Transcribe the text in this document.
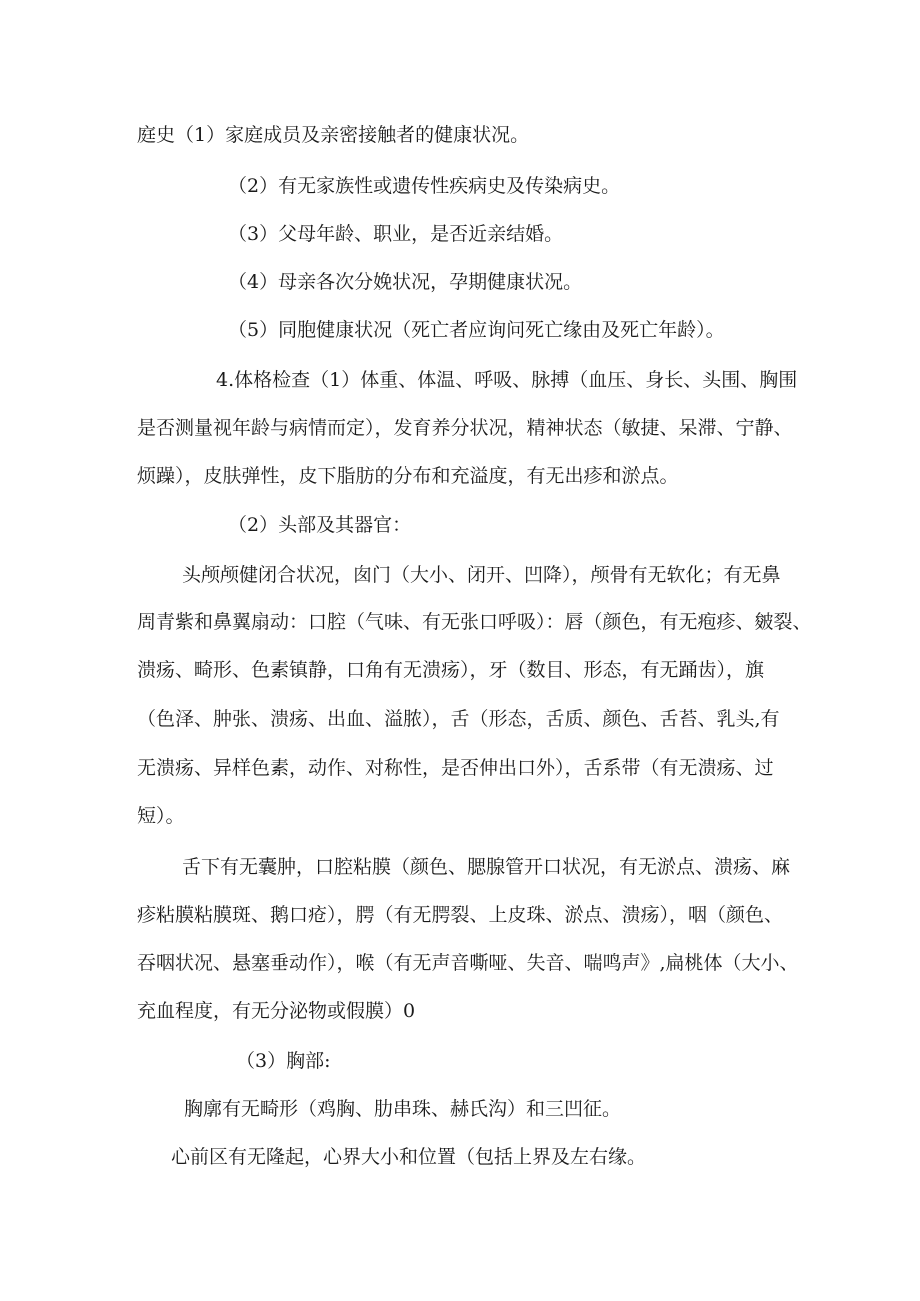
庭史（1）家庭成员及亲密接触者的健康状况。
（2）有无家族性或遗传性疾病史及传染病史。
（3）父母年龄、职业，是否近亲结婚。
（4）母亲各次分娩状况，孕期健康状况。
（5）同胞健康状况（死亡者应询问死亡缘由及死亡年龄）。
4.体格检查（1）体重、体温、呼吸、脉搏（血压、身长、头围、胸围
是否测量视年龄与病情而定），发育养分状况，精神状态（敏捷、呆滞、宁静、
烦躁），皮肤弹性，皮下脂肪的分布和充溢度，有无出疹和淤点。
（2）头部及其器官：
头颅颅健闭合状况，囱门（大小、闭开、凹降），颅骨有无软化；有无鼻
周青紫和鼻翼扇动：口腔（气味、有无张口呼吸）：唇（颜色，有无疱疹、皴裂、
溃疡、畸形、色素镇静，口角有无溃疡），牙（数目、形态，有无踊齿），旗
（色泽、肿张、溃疡、出血、溢脓），舌（形态，舌质、颜色、舌苔、乳头,有
无溃疡、异样色素，动作、对称性，是否伸出口外），舌系带（有无溃疡、过
短）。
舌下有无囊肿，口腔粘膜（颜色、腮腺管开口状况，有无淤点、溃疡、麻
疹粘膜粘膜斑、鹅口疮），腭（有无腭裂、上皮珠、淤点、溃疡），咽（颜色、
吞咽状况、悬塞垂动作），喉（有无声音嘶哑、失音、喘鸣声》,扁桃体（大小、
充血程度，有无分泌物或假膜）0
（3）胸部:
胸廓有无畸形（鸡胸、肋串珠、赫氏沟）和三凹征。
心前区有无隆起，心界大小和位置（包括上界及左右缘。
